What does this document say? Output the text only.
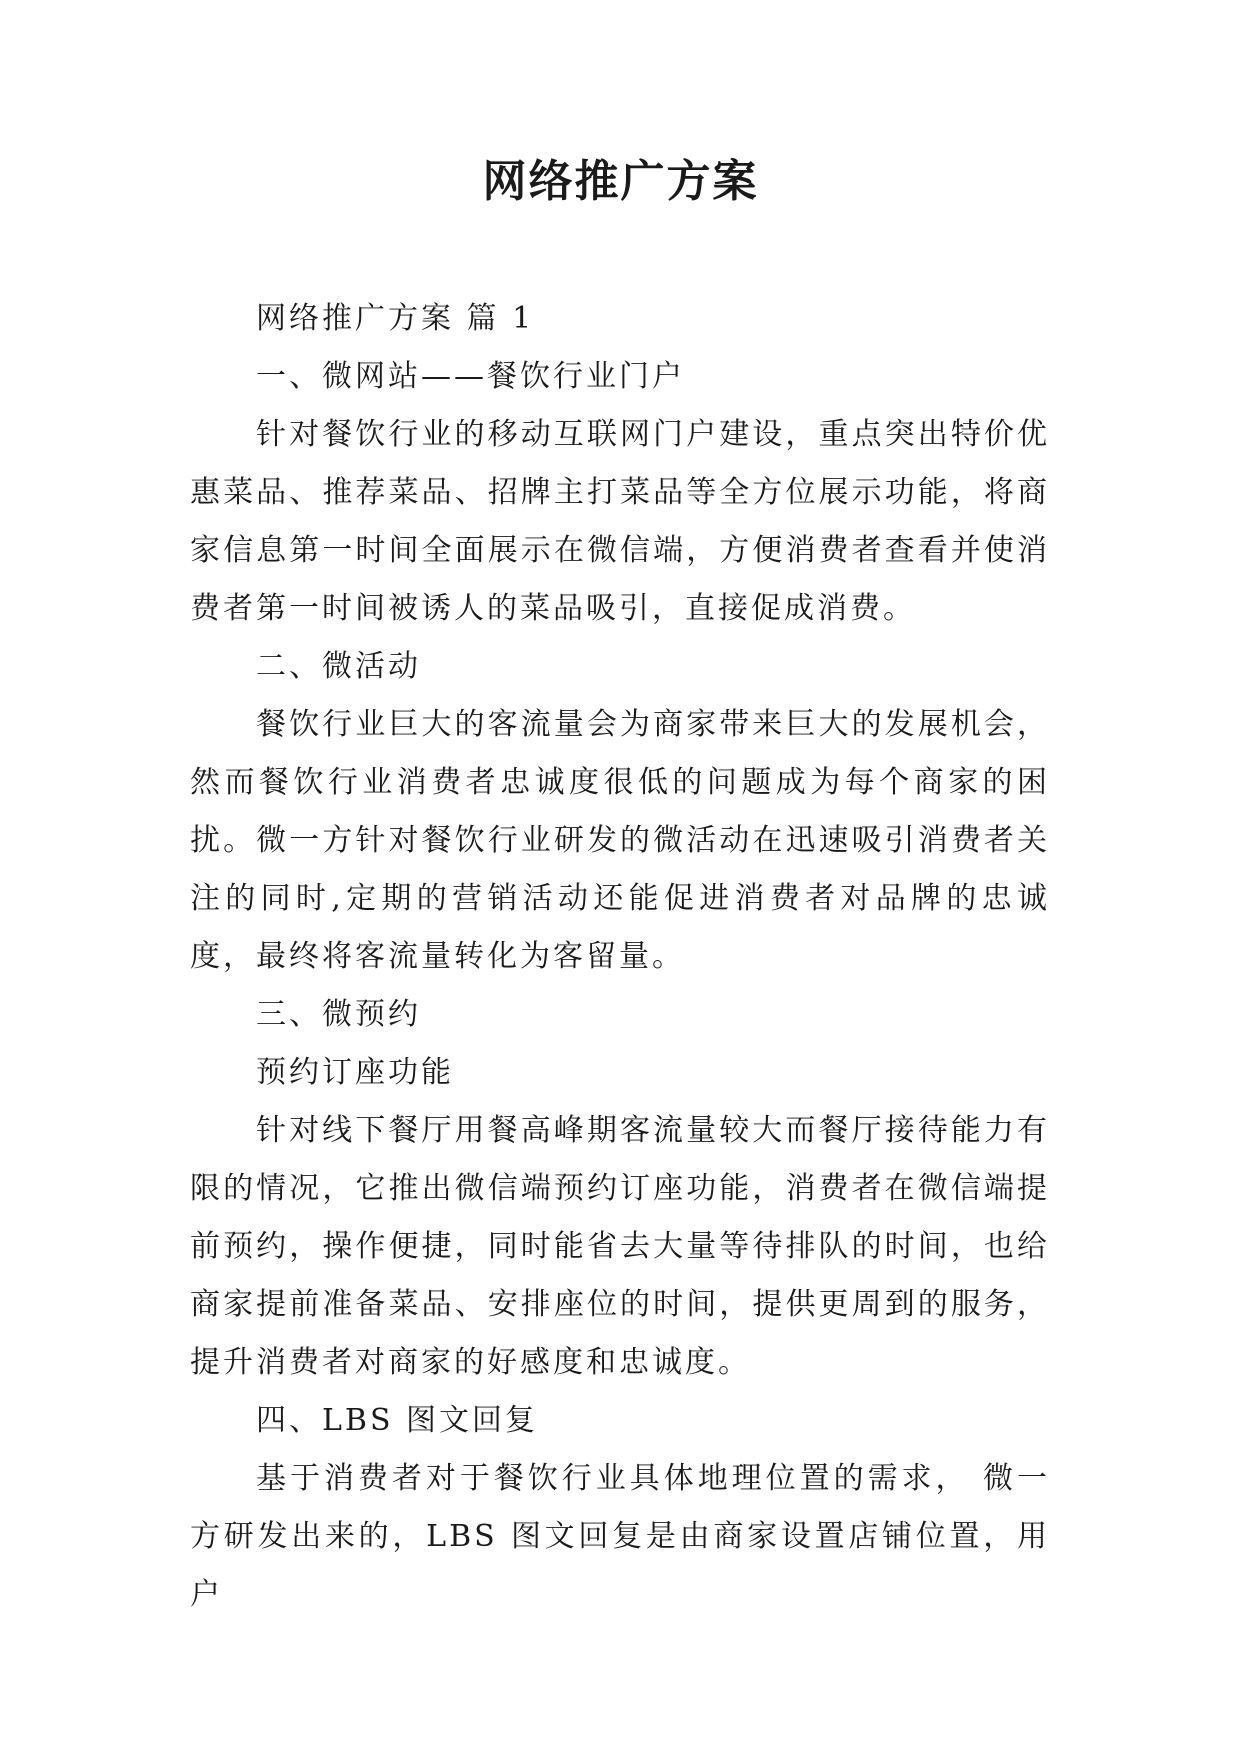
网络推广方案

网络推广方案 篇 1

一、微网站——餐饮行业门户

针对餐饮行业的移动互联网门户建设，重点突出特价优惠菜品、推荐菜品、招牌主打菜品等全方位展示功能，将商家信息第一时间全面展示在微信端，方便消费者查看并使消费者第一时间被诱人的菜品吸引，直接促成消费。

二、微活动

餐饮行业巨大的客流量会为商家带来巨大的发展机会，然而餐饮行业消费者忠诚度很低的问题成为每个商家的困扰。微一方针对餐饮行业研发的微活动在迅速吸引消费者关注的同时,定期的营销活动还能促进消费者对品牌的忠诚度，最终将客流量转化为客留量。

三、微预约

预约订座功能

针对线下餐厅用餐高峰期客流量较大而餐厅接待能力有限的情况，它推出微信端预约订座功能，消费者在微信端提前预约，操作便捷，同时能省去大量等待排队的时间，也给商家提前准备菜品、安排座位的时间，提供更周到的服务，提升消费者对商家的好感度和忠诚度。

四、LBS 图文回复

基于消费者对于餐饮行业具体地理位置的需求， 微一方研发出来的，LBS 图文回复是由商家设置店铺位置，用户
